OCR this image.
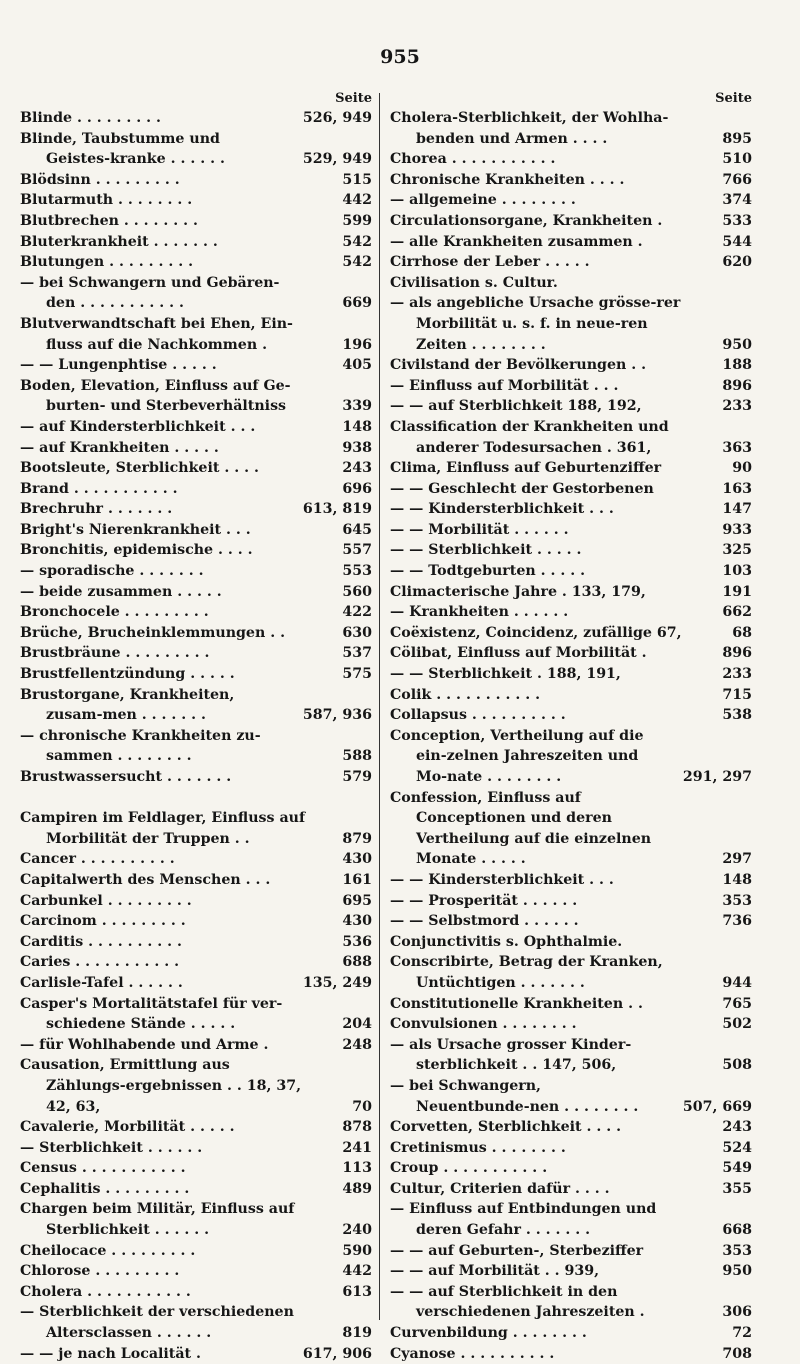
955
Seite
Blinde . . . . . . . . .	526, 949
Blinde, Taubstumme und Geistes-kranke . . . . . .	529, 949
Blödsinn . . . . . . . . .	515
Blutarmuth . . . . . . . .	442
Blutbrechen . . . . . . . .	599
Bluterkrankheit . . . . . . .	542
Blutungen . . . . . . . . .	542
— bei Schwangern und Gebären-den . . . . . . . . . . .	669
Blutverwandtschaft bei Ehen, Ein-fluss auf die Nachkommen .	196
— — Lungenphtise . . . . .	405
Boden, Elevation, Einfluss auf Ge-burten- und Sterbeverhältniss	339
— auf Kindersterblichkeit . . .	148
— auf Krankheiten . . . . .	938
Bootsleute, Sterblichkeit . . . .	243
Brand . . . . . . . . . . .	696
Brechruhr . . . . . . .	613, 819
Bright's Nierenkrankheit . . .	645
Bronchitis, epidemische . . . .	557
— sporadische . . . . . . .	553
— beide zusammen . . . . .	560
Bronchocele . . . . . . . . .	422
Brüche, Brucheinklemmungen . .	630
Brustbräune . . . . . . . . .	537
Brustfellentzündung . . . . .	575
Brustorgane, Krankheiten, zusam-men . . . . . . .	587, 936
— chronische Krankheiten zu-sammen . . . . . . . .	588
Brustwassersucht . . . . . . .	579
Campiren im Feldlager, Einfluss auf Morbilität der Truppen . .	879
Cancer . . . . . . . . . .	430
Capitalwerth des Menschen . . .	161
Carbunkel . . . . . . . . .	695
Carcinom . . . . . . . . .	430
Carditis . . . . . . . . . .	536
Caries . . . . . . . . . . .	688
Carlisle-Tafel . . . . . .	135, 249
Casper's Mortalitätstafel für ver-schiedene Stände . . . . .	204
— für Wohlhabende und Arme .	248
Causation, Ermittlung aus Zählungs-ergebnissen . . 18, 37, 42, 63,	70
Cavalerie, Morbilität . . . . .	878
— Sterblichkeit . . . . . .	241
Census . . . . . . . . . . .	113
Cephalitis . . . . . . . . .	489
Chargen beim Militär, Einfluss auf Sterblichkeit . . . . . .	240
Cheilocace . . . . . . . . .	590
Chlorose . . . . . . . . .	442
Cholera . . . . . . . . . . .	613
— Sterblichkeit der verschiedenen Altersclassen . . . . . .	819
— — je nach Localität .	617, 906
Seite
Cholera-Sterblichkeit, der Wohlha-benden und Armen . . . .	895
Chorea . . . . . . . . . . .	510
Chronische Krankheiten . . . .	766
— allgemeine . . . . . . . .	374
Circulationsorgane, Krankheiten .	533
— alle Krankheiten zusammen .	544
Cirrhose der Leber . . . . .	620
Civilisation s. Cultur.
— als angebliche Ursache grösse-rer Morbilität u. s. f. in neue-ren Zeiten . . . . . . . .	950
Civilstand der Bevölkerungen . .	188
— Einfluss auf Morbilität . . .	896
— — auf Sterblichkeit 188, 192,	233
Classification der Krankheiten und anderer Todesursachen . 361,	363
Clima, Einfluss auf Geburtenziffer	90
— — Geschlecht der Gestorbenen	163
— — Kindersterblichkeit . . .	147
— — Morbilität . . . . . .	933
— — Sterblichkeit . . . . .	325
— — Todtgeburten . . . . .	103
Climacterische Jahre . 133, 179,	191
— Krankheiten . . . . . .	662
Coëxistenz, Coincidenz, zufällige 67,	68
Cölibat, Einfluss auf Morbilität .	896
— — Sterblichkeit . 188, 191,	233
Colik . . . . . . . . . . .	715
Collapsus . . . . . . . . . .	538
Conception, Vertheilung auf die ein-zelnen Jahreszeiten und Mo-nate . . . . . . . .	291, 297
Confession, Einfluss auf Conceptionen und deren Vertheilung auf die einzelnen Monate . . . . .	297
— — Kindersterblichkeit . . .	148
— — Prosperität . . . . . .	353
— — Selbstmord . . . . . .	736
Conjunctivitis s. Ophthalmie.
Conscribirte, Betrag der Kranken, Untüchtigen . . . . . . .	944
Constitutionelle Krankheiten . .	765
Convulsionen . . . . . . . .	502
— als Ursache grosser Kinder-sterblichkeit . . 147, 506,	508
— bei Schwangern, Neuentbunde-nen . . . . . . . .	507, 669
Corvetten, Sterblichkeit . . . .	243
Cretinismus . . . . . . . .	524
Croup . . . . . . . . . . .	549
Cultur, Criterien dafür . . . .	355
— Einfluss auf Entbindungen und deren Gefahr . . . . . . .	668
— — auf Geburten-, Sterbeziffer	353
— — auf Morbilität . . 939,	950
— — auf Sterblichkeit in den verschiedenen Jahreszeiten .	306
Curvenbildung . . . . . . . .	72
Cyanose . . . . . . . . . .	708
